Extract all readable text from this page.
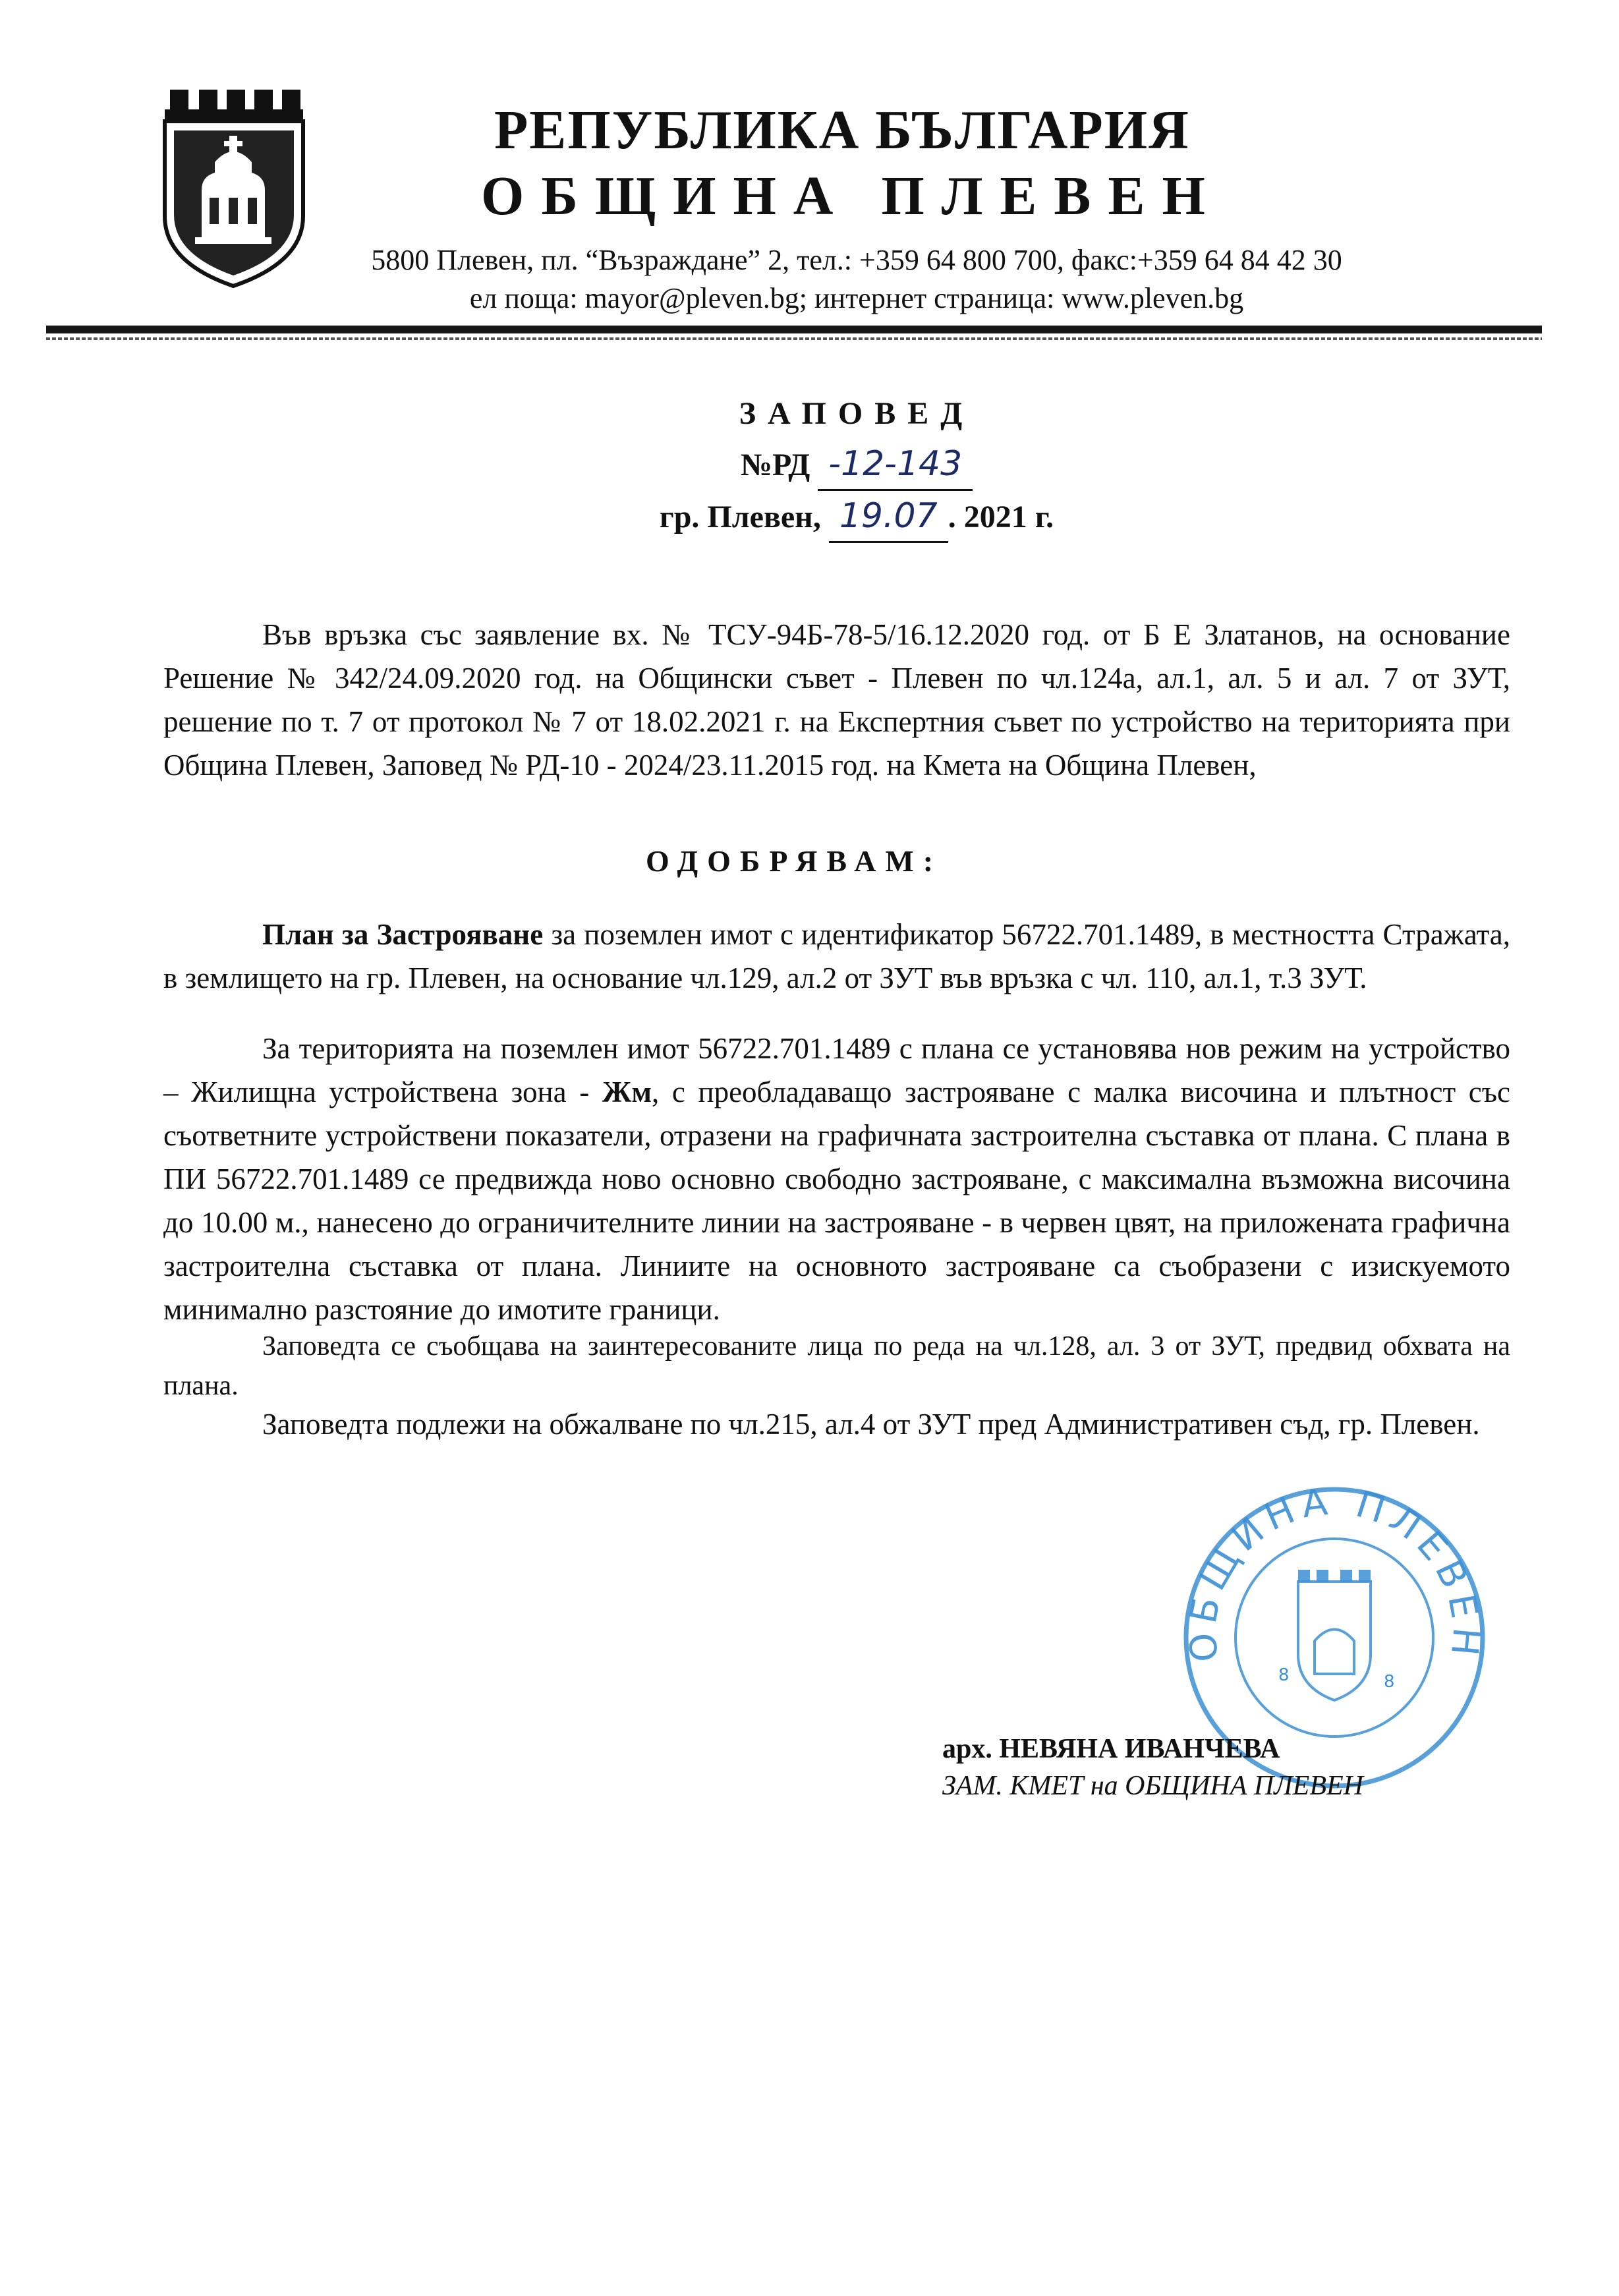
РЕПУБЛИКА БЪЛГАРИЯ
ОБЩИНА ПЛЕВЕН
5800 Плевен, пл. “Възраждане” 2, тел.: +359 64 800 700, факс:+359 64 84 42 30
ел поща: mayor@pleven.bg; интернет страница: www.pleven.bg
ЗАПОВЕД
№РД -12-143
гр. Плевен, 19.07 . 2021 г.
Във връзка със заявление вх. № ТСУ-94Б-78-5/16.12.2020 год. от Б Е Златанов, на основание Решение № 342/24.09.2020 год. на Общински съвет - Плевен по чл.124а, ал.1, ал. 5 и ал. 7 от ЗУТ, решение по т. 7 от протокол № 7 от 18.02.2021 г. на Експертния съвет по устройство на територията при Община Плевен, Заповед № РД-10 - 2024/23.11.2015 год. на Кмета на Община Плевен,
ОДОБРЯВАМ:
План за Застрояване за поземлен имот с идентификатор 56722.701.1489, в местността Стражата, в землището на гр. Плевен, на основание чл.129, ал.2 от ЗУТ във връзка с чл. 110, ал.1, т.3 ЗУТ.
За територията на поземлен имот 56722.701.1489 с плана се установява нов режим на устройство – Жилищна устройствена зона - Жм, с преобладаващо застрояване с малка височина и плътност със съответните устройствени показатели, отразени на графичната застроителна съставка от плана. С плана в ПИ 56722.701.1489 се предвижда ново основно свободно застрояване, с максимална възможна височина до 10.00 м., нанесено до ограничителните линии на застрояване - в червен цвят, на приложената графична застроителна съставка от плана. Линиите на основното застрояване са съобразени с изискуемото минимално разстояние до имотите граници.
Заповедта се съобщава на заинтересованите лица по реда на чл.128, ал. 3 от ЗУТ, предвид обхвата на плана.
Заповедта подлежи на обжалване по чл.215, ал.4 от ЗУТ пред Административен съд, гр. Плевен.
ОБЩИНА ПЛЕВЕН
8	8
арх. НЕВЯНА ИВАНЧЕВА
ЗАМ. КМЕТ на ОБЩИНА ПЛЕВЕН
